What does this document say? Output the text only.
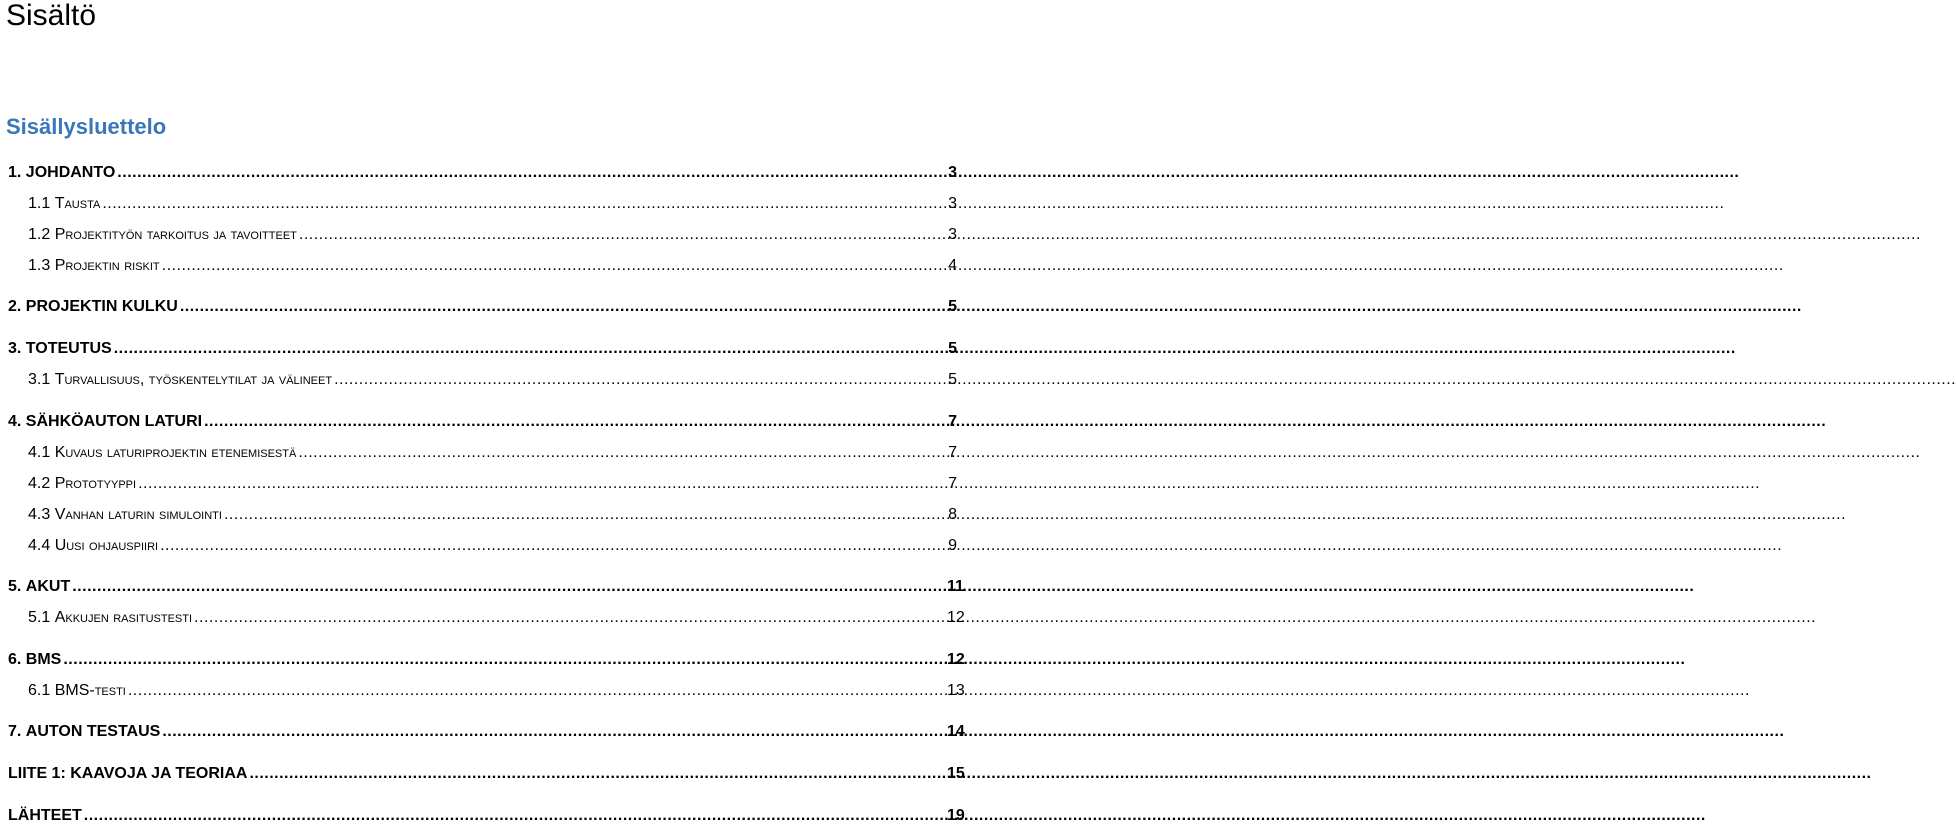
Sisältö
Sisällysluettelo
1. JOHDANTO .....	3
1.1 Tausta .....	3
1.2 Projektityön tarkoitus ja tavoitteet .....	3
1.3 Projektin riskit .....	4
2. PROJEKTIN KULKU .....	5
3. TOTEUTUS .....	5
3.1 Turvallisuus, työskentelytilat ja välineet .....	5
4. SÄHKÖAUTON LATURI .....	7
4.1 Kuvaus laturiprojektin etenemisestä .....	7
4.2 Prototyyppi .....	7
4.3 Vanhan laturin simulointi .....	8
4.4 Uusi ohjauspiiri .....	9
5. AKUT .....	11
5.1 Akkujen rasitustesti .....	12
6. BMS .....	12
6.1 BMS-testi .....	13
7. AUTON TESTAUS .....	14
LIITE 1: KAAVOJA JA TEORIAA .....	15
LÄHTEET .....	19
